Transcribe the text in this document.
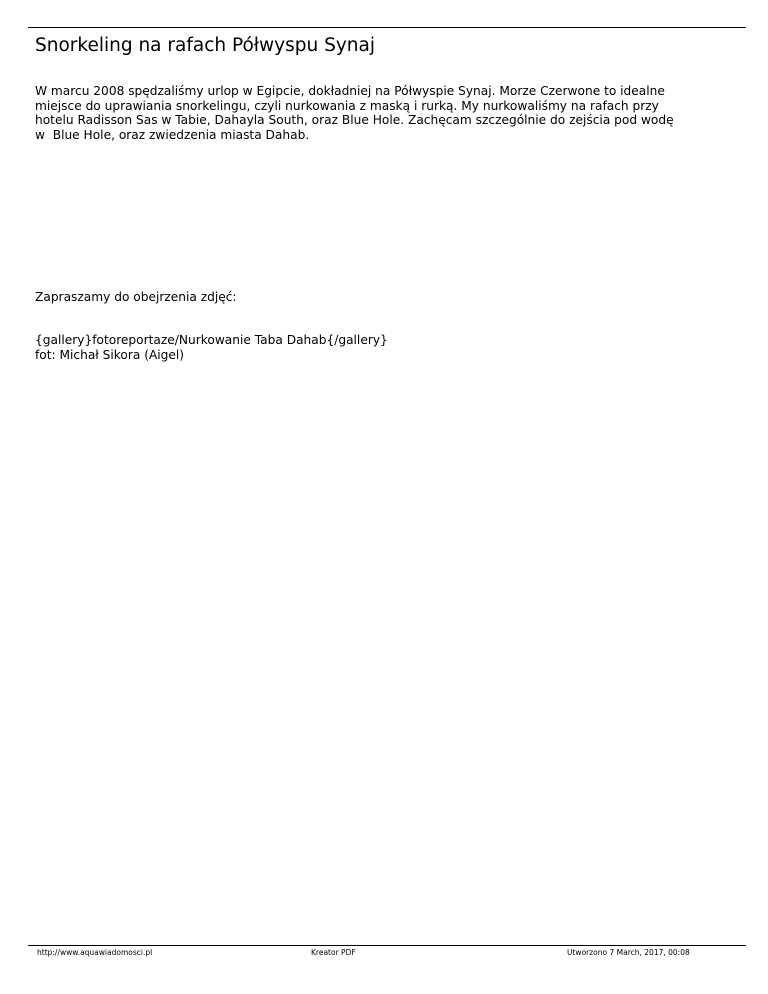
Snorkeling na rafach Półwyspu Synaj

W marcu 2008 spędzaliśmy urlop w Egipcie, dokładniej na Półwyspie Synaj. Morze Czerwone to idealne
miejsce do uprawiania snorkelingu, czyli nurkowania z maską i rurką. My nurkowaliśmy na rafach przy
hotelu Radisson Sas w Tabie, Dahayla South, oraz Blue Hole. Zachęcam szczególnie do zejścia pod wodę
w  Blue Hole, oraz zwiedzenia miasta Dahab.

Zapraszamy do obejrzenia zdjęć:

{gallery}fotoreportaze/Nurkowanie Taba Dahab{/gallery}
fot: Michał Sikora (Aigel)
http://www.aquawiadomosci.pl	Kreator PDF	Utworzono 7 March, 2017, 00:08
